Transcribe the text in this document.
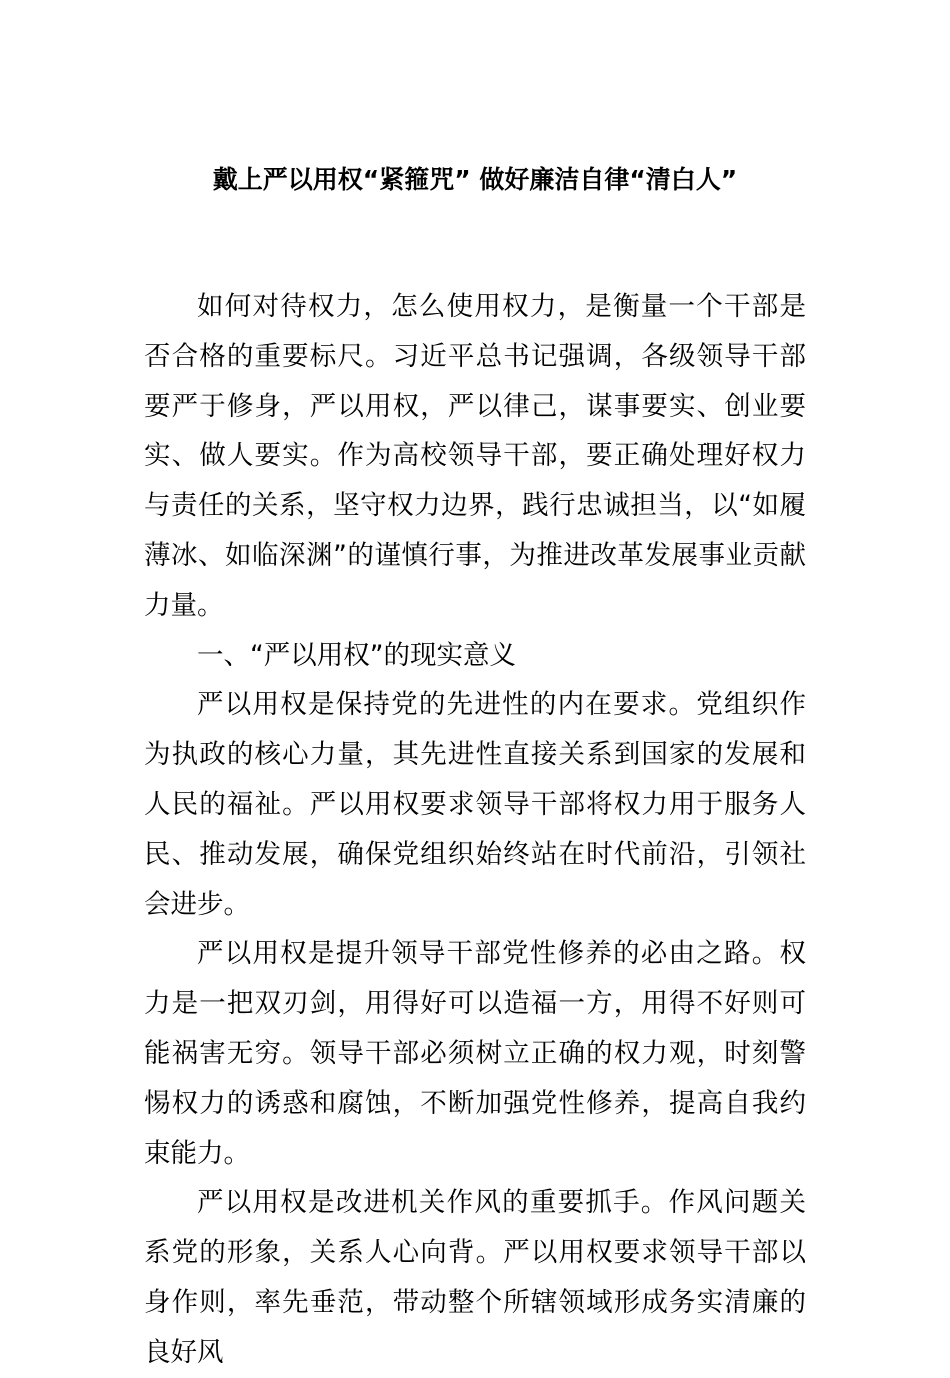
戴上严以用权“紧箍咒” 做好廉洁自律“清白人”

如何对待权力，怎么使用权力，是衡量一个干部是否合格的重要标尺。习近平总书记强调，各级领导干部要严于修身，严以用权，严以律己，谋事要实、创业要实、做人要实。作为高校领导干部，要正确处理好权力与责任的关系，坚守权力边界，践行忠诚担当，以“如履薄冰、如临深渊”的谨慎行事，为推进改革发展事业贡献力量。

一、“严以用权”的现实意义

严以用权是保持党的先进性的内在要求。党组织作为执政的核心力量，其先进性直接关系到国家的发展和人民的福祉。严以用权要求领导干部将权力用于服务人民、推动发展，确保党组织始终站在时代前沿，引领社会进步。

严以用权是提升领导干部党性修养的必由之路。权力是一把双刃剑，用得好可以造福一方，用得不好则可能祸害无穷。领导干部必须树立正确的权力观，时刻警惕权力的诱惑和腐蚀，不断加强党性修养，提高自我约束能力。

严以用权是改进机关作风的重要抓手。作风问题关系党的形象，关系人心向背。严以用权要求领导干部以身作则，率先垂范，带动整个所辖领域形成务实清廉的良好风
